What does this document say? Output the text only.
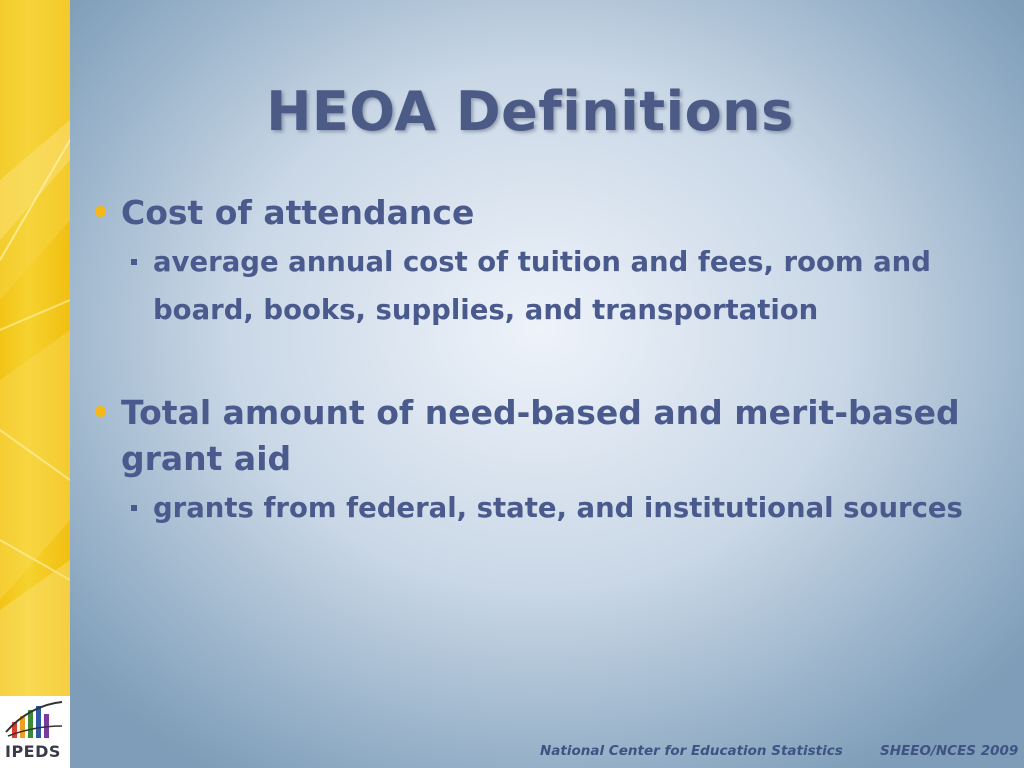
HEOA Definitions
Cost of attendance
average annual cost of tuition and fees, room and board, books, supplies, and transportation
Total amount of need-based and merit-based grant aid
grants from federal, state, and institutional sources
IPEDS	National Center for Education Statistics	SHEEO/NCES 2009
